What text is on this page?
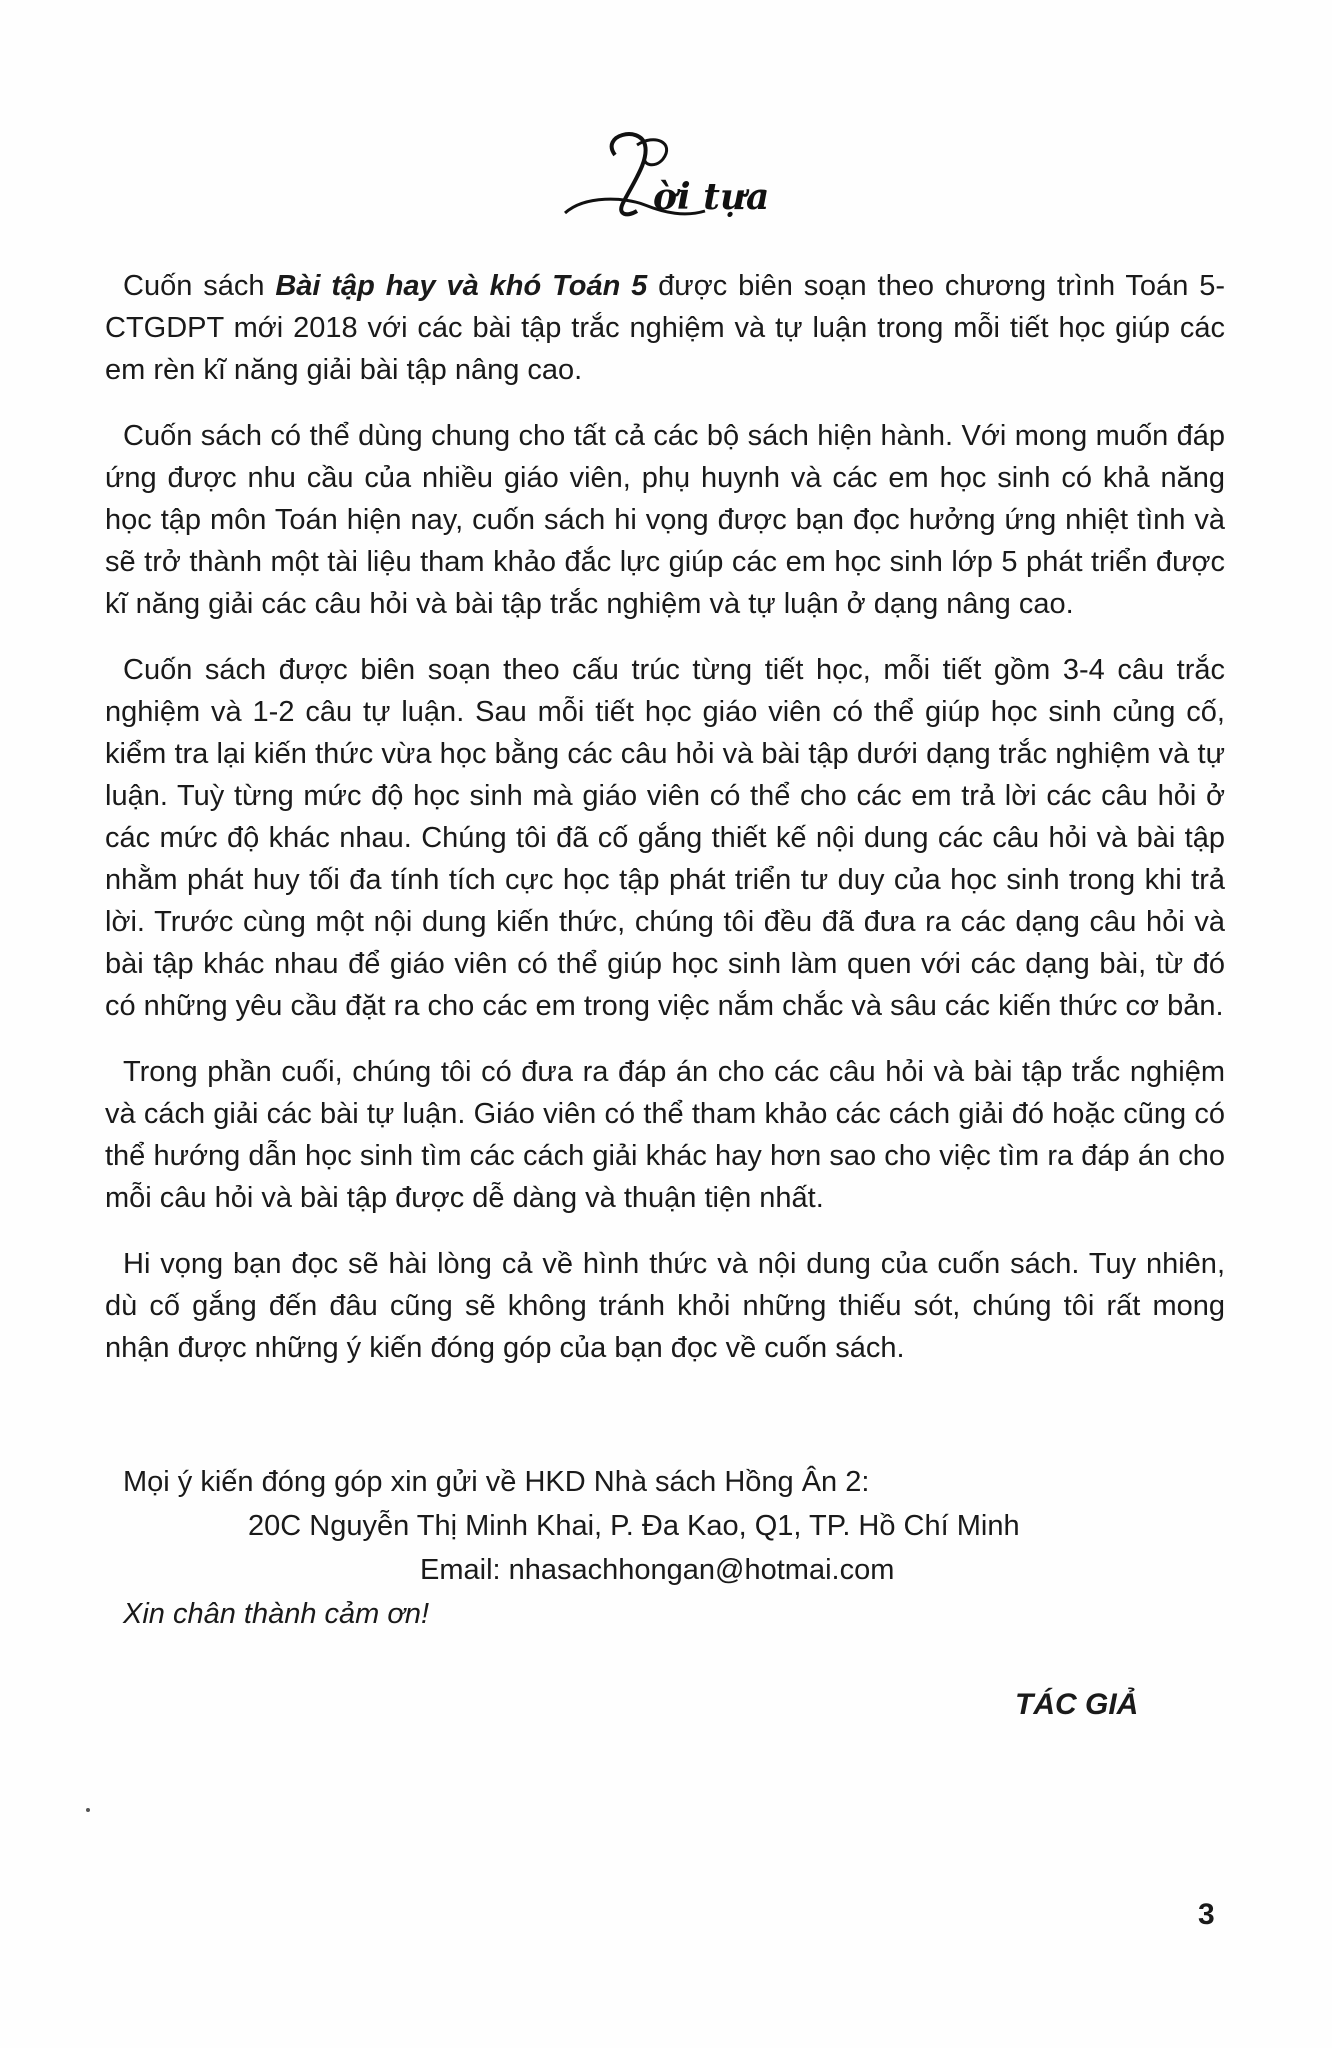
ời tựa

Cuốn sách Bài tập hay và khó Toán 5 được biên soạn theo chương trình Toán 5-CTGDPT mới 2018 với các bài tập trắc nghiệm và tự luận trong mỗi tiết học giúp các em rèn kĩ năng giải bài tập nâng cao.

Cuốn sách có thể dùng chung cho tất cả các bộ sách hiện hành. Với mong muốn đáp ứng được nhu cầu của nhiều giáo viên, phụ huynh và các em học sinh có khả năng học tập môn Toán hiện nay, cuốn sách hi vọng được bạn đọc hưởng ứng nhiệt tình và sẽ trở thành một tài liệu tham khảo đắc lực giúp các em học sinh lớp 5 phát triển được kĩ năng giải các câu hỏi và bài tập trắc nghiệm và tự luận ở dạng nâng cao.

Cuốn sách được biên soạn theo cấu trúc từng tiết học, mỗi tiết gồm 3-4 câu trắc nghiệm và 1-2 câu tự luận. Sau mỗi tiết học giáo viên có thể giúp học sinh củng cố, kiểm tra lại kiến thức vừa học bằng các câu hỏi và bài tập dưới dạng trắc nghiệm và tự luận. Tuỳ từng mức độ học sinh mà giáo viên có thể cho các em trả lời các câu hỏi ở các mức độ khác nhau. Chúng tôi đã cố gắng thiết kế nội dung các câu hỏi và bài tập nhằm phát huy tối đa tính tích cực học tập phát triển tư duy của học sinh trong khi trả lời. Trước cùng một nội dung kiến thức, chúng tôi đều đã đưa ra các dạng câu hỏi và bài tập khác nhau để giáo viên có thể giúp học sinh làm quen với các dạng bài, từ đó có những yêu cầu đặt ra cho các em trong việc nắm chắc và sâu các kiến thức cơ bản.

Trong phần cuối, chúng tôi có đưa ra đáp án cho các câu hỏi và bài tập trắc nghiệm và cách giải các bài tự luận. Giáo viên có thể tham khảo các cách giải đó hoặc cũng có thể hướng dẫn học sinh tìm các cách giải khác hay hơn sao cho việc tìm ra đáp án cho mỗi câu hỏi và bài tập được dễ dàng và thuận tiện nhất.

Hi vọng bạn đọc sẽ hài lòng cả về hình thức và nội dung của cuốn sách. Tuy nhiên, dù cố gắng đến đâu cũng sẽ không tránh khỏi những thiếu sót, chúng tôi rất mong nhận được những ý kiến đóng góp của bạn đọc về cuốn sách.

Mọi ý kiến đóng góp xin gửi về HKD Nhà sách Hồng Ân 2:
20C Nguyễn Thị Minh Khai, P. Đa Kao, Q1, TP. Hồ Chí Minh
Email: nhasachhongan@hotmai.com
Xin chân thành cảm ơn!
TÁC GIẢ
3
